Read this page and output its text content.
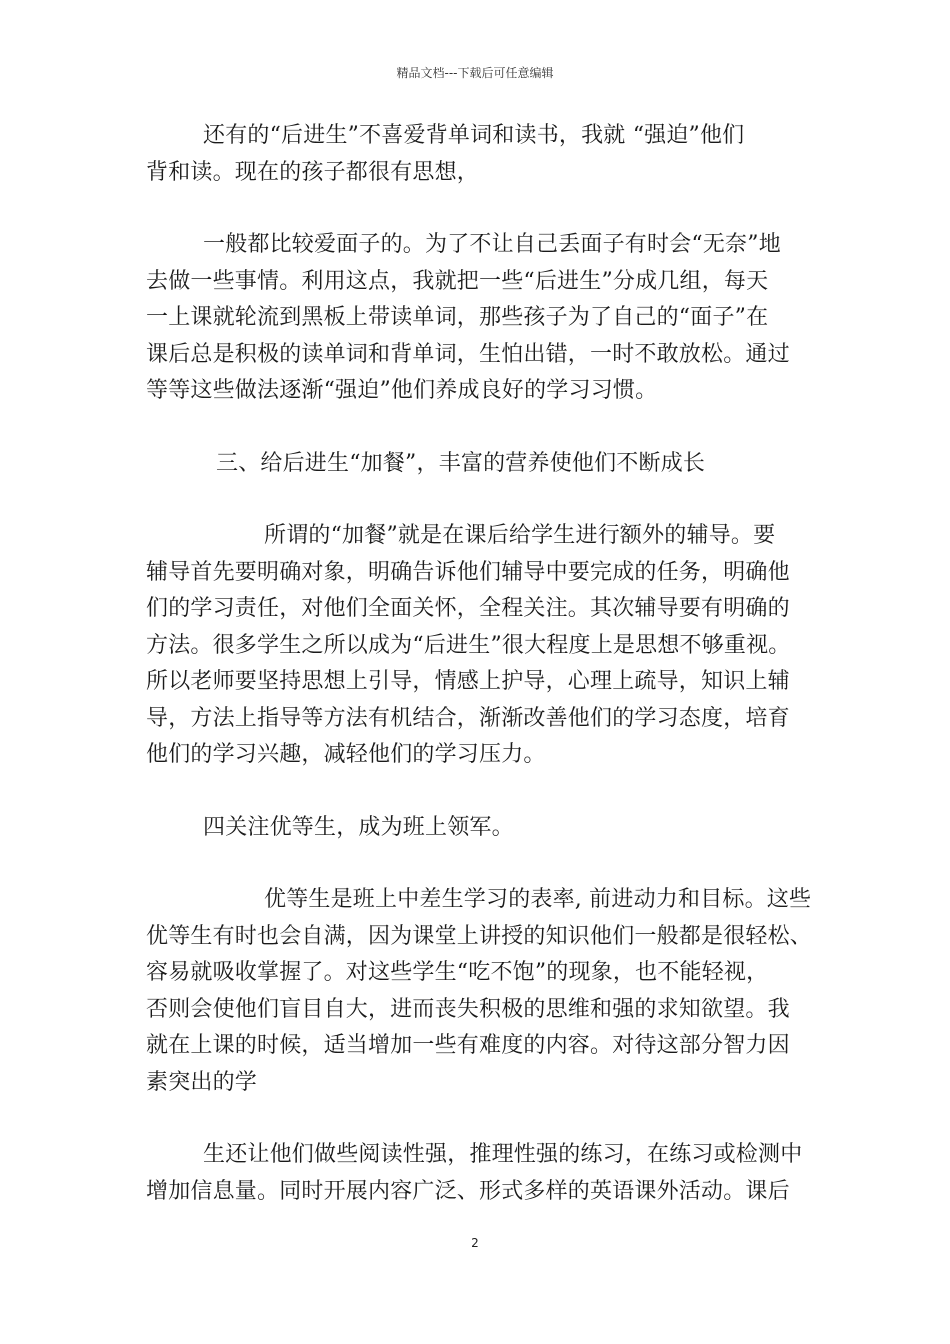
精品文档---下载后可任意编辑
还有的“后进生”不喜爱背单词和读书，我就 “强迫”他们
背和读。现在的孩子都很有思想，
一般都比较爱面子的。为了不让自己丢面子有时会“无奈”地
去做一些事情。利用这点，我就把一些“后进生”分成几组，每天
一上课就轮流到黑板上带读单词，那些孩子为了自己的“面子”在
课后总是积极的读单词和背单词，生怕出错，一时不敢放松。通过
等等这些做法逐渐“强迫”他们养成良好的学习习惯。
三、给后进生“加餐”，丰富的营养使他们不断成长
所谓的“加餐”就是在课后给学生进行额外的辅导。要
辅导首先要明确对象，明确告诉他们辅导中要完成的任务，明确他
们的学习责任，对他们全面关怀，全程关注。其次辅导要有明确的
方法。很多学生之所以成为“后进生”很大程度上是思想不够重视。
所以老师要坚持思想上引导，情感上护导，心理上疏导，知识上辅
导，方法上指导等方法有机结合，渐渐改善他们的学习态度，培育
他们的学习兴趣，减轻他们的学习压力。
四关注优等生，成为班上领军。
优等生是班上中差生学习的表率, 前进动力和目标。这些
优等生有时也会自满，因为课堂上讲授的知识他们一般都是很轻松、
容易就吸收掌握了。对这些学生“吃不饱”的现象，也不能轻视，
否则会使他们盲目自大，进而丧失积极的思维和强的求知欲望。我
就在上课的时候，适当增加一些有难度的内容。对待这部分智力因
素突出的学
生还让他们做些阅读性强，推理性强的练习，在练习或检测中
增加信息量。同时开展内容广泛、形式多样的英语课外活动。课后
2
